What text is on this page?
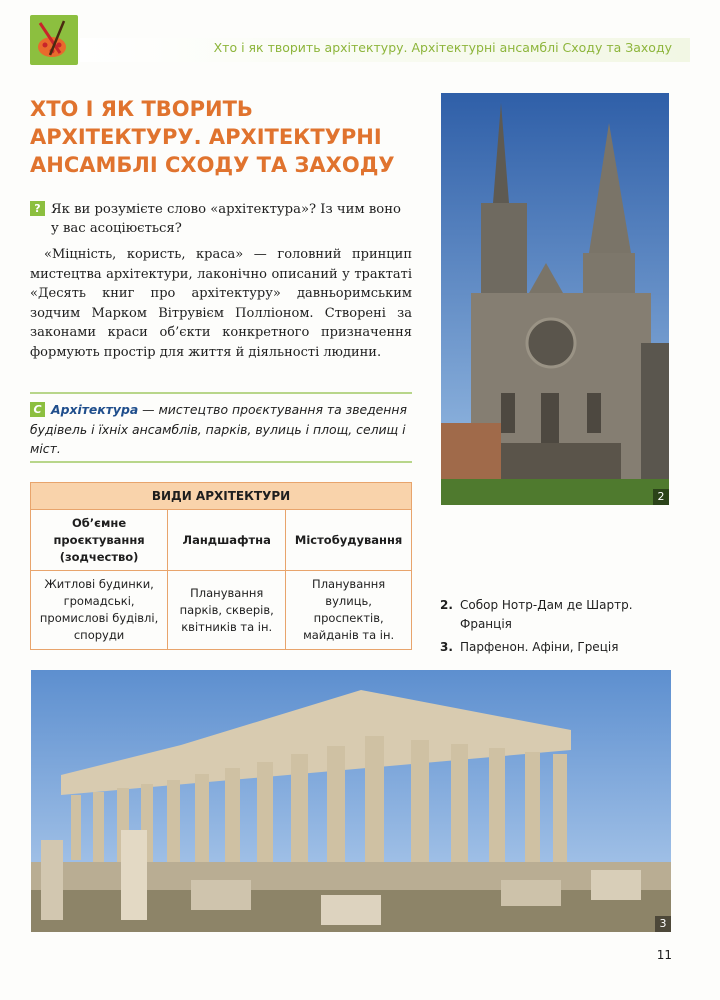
Хто і як творить архітектуру. Архітектурні ансамблі Сходу та Заходу
ХТО І ЯК ТВОРИТЬ АРХІТЕКТУРУ. АРХІТЕКТУРНІ АНСАМБЛІ СХОДУ ТА ЗАХОДУ
? Як ви розумієте слово «архітектура»? Із чим воно
у вас асоціюється?
«Міцність, користь, краса» — головний принцип мистецтва архітектури, лаконічно описаний у трактаті «Десять книг про архітектуру» давньоримським зодчим Марком Вітрувієм Полліоном. Створені за законами краси об’єкти конкретного призначення формують простір для життя й діяльності людини.
С Архітектура — мистецтво проєктування та зведення будівель і їхніх ансамблів, парків, вулиць і площ, селищ і міст.
ВИДИ АРХІТЕКТУРИ		
Об’ємне проєктування (зодчество)	Ландшафтна	Містобудування
Житлові будинки, громадські, промислові будівлі, споруди	Планування парків, скверів, квітників та ін.	Планування вулиць, проспектів, майданів та ін.
2
2. Собор Нотр-Дам де Шартр. Франція
3. Парфенон. Афіни, Греція
3
11
